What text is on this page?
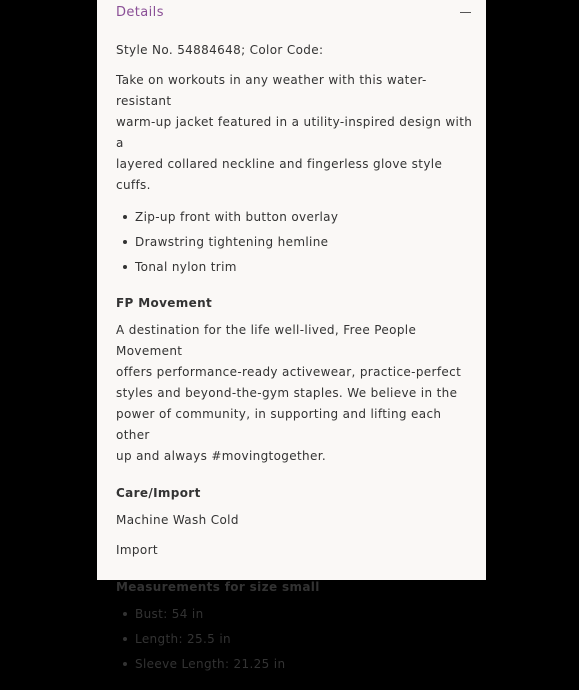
Details
Style No. 54884648; Color Code:
Take on workouts in any weather with this water-resistant
warm-up jacket featured in a utility-inspired design with a
layered collared neckline and fingerless glove style cuffs.
Zip-up front with button overlay
Drawstring tightening hemline
Tonal nylon trim
FP Movement
A destination for the life well-lived, Free People Movement
offers performance-ready activewear, practice-perfect
styles and beyond-the-gym staples. We believe in the
power of community, in supporting and lifting each other
up and always #movingtogether.
Care/Import
Machine Wash Cold
Import
Measurements for size small
Bust: 54 in
Length: 25.5 in
Sleeve Length: 21.25 in
